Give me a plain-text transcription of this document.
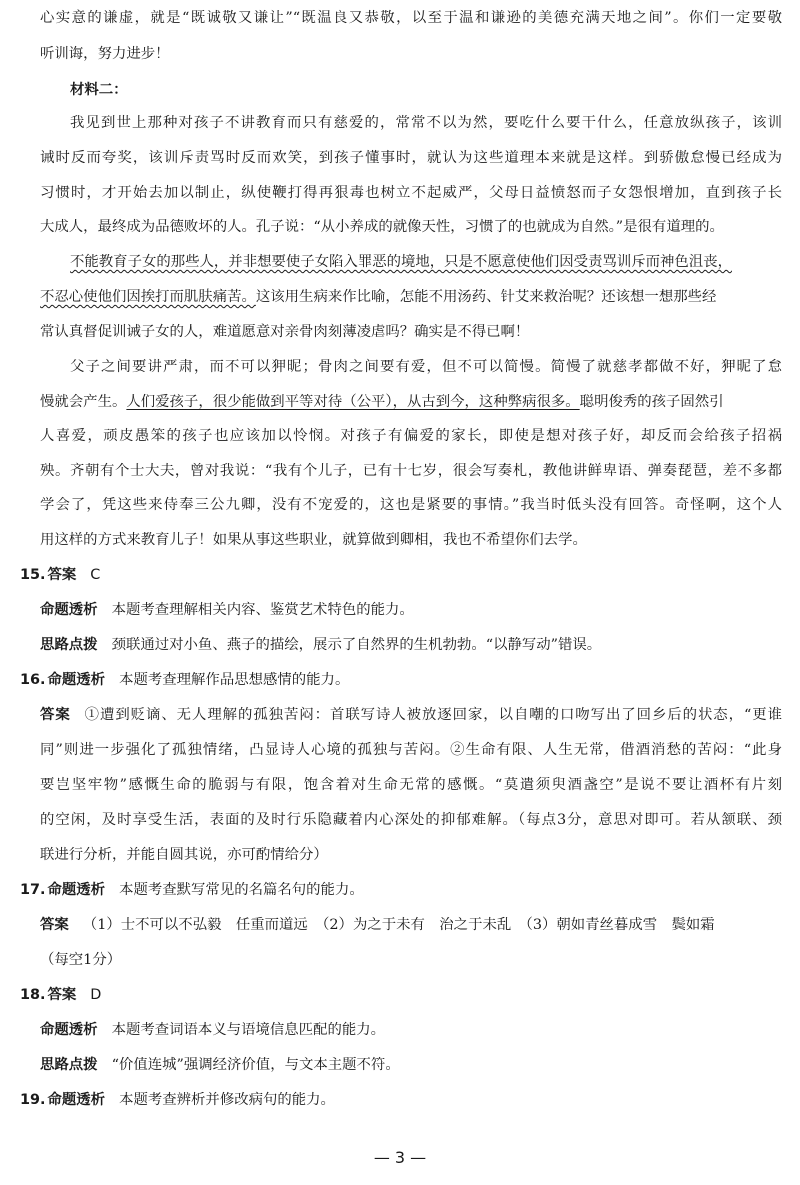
心实意的谦虚，就是“既诚敬又谦让”“既温良又恭敬，以至于温和谦逊的美德充满天地之间”。你们一定要敬
听训诲，努力进步！
材料二：
我见到世上那种对孩子不讲教育而只有慈爱的，常常不以为然，要吃什么要干什么，任意放纵孩子，该训
诫时反而夸奖，该训斥责骂时反而欢笑，到孩子懂事时，就认为这些道理本来就是这样。到骄傲怠慢已经成为
习惯时，才开始去加以制止，纵使鞭打得再狠毒也树立不起威严，父母日益愤怒而子女怨恨增加，直到孩子长
大成人，最终成为品德败坏的人。孔子说：“从小养成的就像天性，习惯了的也就成为自然。”是很有道理的。
不能教育子女的那些人，并非想要使子女陷入罪恶的境地，只是不愿意使他们因受责骂训斥而神色沮丧，
不忍心使他们因挨打而肌肤痛苦。这该用生病来作比喻，怎能不用汤药、针艾来救治呢？还该想一想那些经
常认真督促训诫子女的人，难道愿意对亲骨肉刻薄凌虐吗？确实是不得已啊！
父子之间要讲严肃，而不可以狎昵；骨肉之间要有爱，但不可以简慢。简慢了就慈孝都做不好，狎昵了怠
慢就会产生。人们爱孩子，很少能做到平等对待（公平），从古到今，这种弊病很多。聪明俊秀的孩子固然引
人喜爱，顽皮愚笨的孩子也应该加以怜悯。对孩子有偏爱的家长，即使是想对孩子好，却反而会给孩子招祸
殃。齐朝有个士大夫，曾对我说：“我有个儿子，已有十七岁，很会写奏札，教他讲鲜卑语、弹奏琵琶，差不多都
学会了，凭这些来侍奉三公九卿，没有不宠爱的，这也是紧要的事情。”我当时低头没有回答。奇怪啊，这个人
用这样的方式来教育儿子！如果从事这些职业，就算做到卿相，我也不希望你们去学。
15. 答案 C
命题透析 本题考查理解相关内容、鉴赏艺术特色的能力。
思路点拨 颈联通过对小鱼、燕子的描绘，展示了自然界的生机勃勃。“以静写动”错误。
16. 命题透析 本题考查理解作品思想感情的能力。
答案 ①遭到贬谪、无人理解的孤独苦闷：首联写诗人被放逐回家，以自嘲的口吻写出了回乡后的状态，“更谁
同”则进一步强化了孤独情绪，凸显诗人心境的孤独与苦闷。②生命有限、人生无常，借酒消愁的苦闷：“此身
要岂坚牢物”感慨生命的脆弱与有限，饱含着对生命无常的感慨。“莫遣须臾酒盏空”是说不要让酒杯有片刻
的空闲，及时享受生活，表面的及时行乐隐藏着内心深处的抑郁难解。（每点3分，意思对即可。若从颔联、颈
联进行分析，并能自圆其说，亦可酌情给分）
17. 命题透析 本题考查默写常见的名篇名句的能力。
答案 （1）士不可以不弘毅　任重而道远　（2）为之于未有　治之于未乱　（3）朝如青丝暮成雪　鬓如霜
（每空1分）
18. 答案 D
命题透析 本题考查词语本义与语境信息匹配的能力。
思路点拨 “价值连城”强调经济价值，与文本主题不符。
19. 命题透析 本题考查辨析并修改病句的能力。
— 3 —
